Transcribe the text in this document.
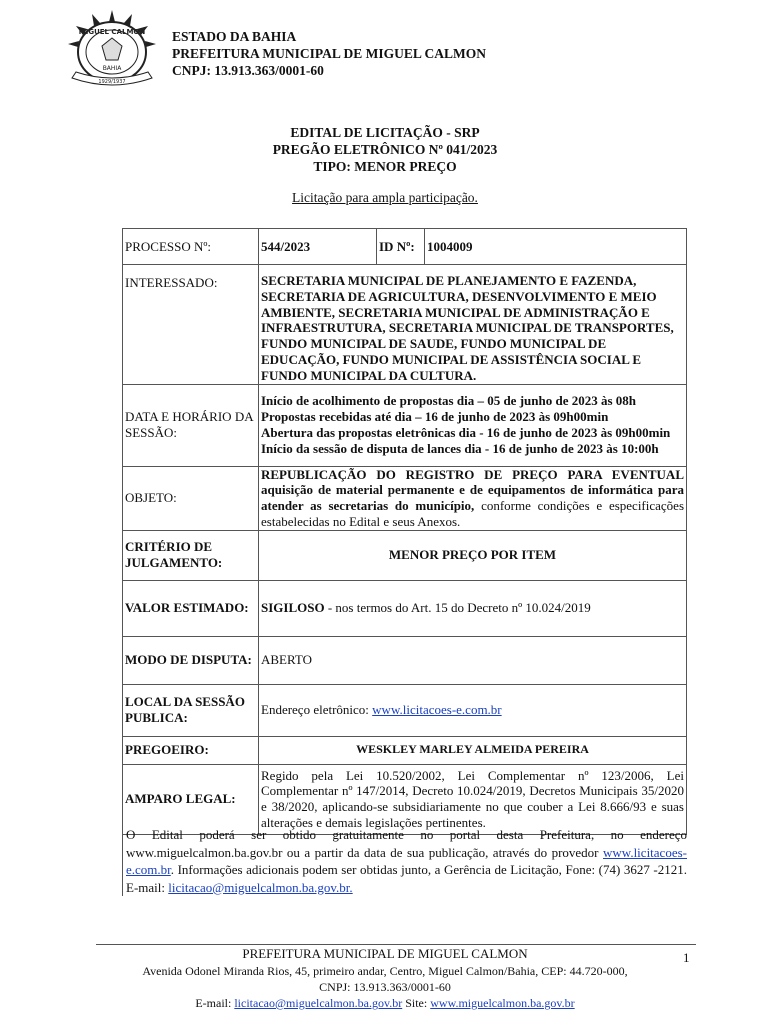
MIGUEL CALMON
BAHIA
1929/1937
ESTADO DA BAHIA
PREFEITURA MUNICIPAL DE MIGUEL CALMON
CNPJ: 13.913.363/0001-60
EDITAL DE LICITAÇÃO - SRP
PREGÃO ELETRÔNICO Nº 041/2023
TIPO: MENOR PREÇO
Licitação para ampla participação.
PROCESSO Nº:	544/2023	ID Nº:	1004009
INTERESSADO:	SECRETARIA MUNICIPAL DE PLANEJAMENTO E FAZENDA, SECRETARIA DE AGRICULTURA, DESENVOLVIMENTO E MEIO AMBIENTE, SECRETARIA MUNICIPAL DE ADMINISTRAÇÃO E INFRAESTRUTURA, SECRETARIA MUNICIPAL DE TRANSPORTES, FUNDO MUNICIPAL DE SAUDE, FUNDO MUNICIPAL DE EDUCAÇÃO, FUNDO MUNICIPAL DE ASSISTÊNCIA SOCIAL E FUNDO MUNICIPAL DA CULTURA.		
DATA E HORÁRIO DA SESSÃO:	Início de acolhimento de propostas dia – 05 de junho de 2023 às 08h
Propostas recebidas até dia – 16 de junho de 2023 às 09h00min
Abertura das propostas eletrônicas dia - 16 de junho de 2023 às 09h00min
Início da sessão de disputa de lances dia - 16 de junho de 2023 às 10:00h		

OBJETO:	REPUBLICAÇÃO DO REGISTRO DE PREÇO PARA EVENTUAL aquisição de material permanente e de equipamentos de informática para atender as secretarias do município, conforme condições e especificações estabelecidas no Edital e seus Anexos.		
CRITÉRIO DE JULGAMENTO:	MENOR PREÇO POR ITEM		
VALOR ESTIMADO:	SIGILOSO - nos termos do Art. 15 do Decreto nº 10.024/2019		
MODO DE DISPUTA:	ABERTO		
LOCAL DA SESSÃO PUBLICA:	Endereço eletrônico: www.licitacoes-e.com.br		
PREGOEIRO:	WESKLEY MARLEY ALMEIDA PEREIRA		
AMPARO LEGAL:	Regido pela Lei 10.520/2002, Lei Complementar nº 123/2006, Lei Complementar nº 147/2014, Decreto 10.024/2019, Decretos Municipais 35/2020 e 38/2020, aplicando-se subsidiariamente no que couber a Lei 8.666/93 e suas alterações e demais legislações pertinentes.		
O Edital poderá ser obtido gratuitamente no portal desta Prefeitura, no endereço www.miguelcalmon.ba.gov.br ou a partir da data de sua publicação, através do provedor www.licitacoes-e.com.br. Informações adicionais podem ser obtidas junto, a Gerência de Licitação, Fone: (74) 3627 -2121. E-mail: licitacao@miguelcalmon.ba.gov.br.
PREFEITURA MUNICIPAL DE MIGUEL CALMON	1
Avenida Odonel Miranda Rios, 45, primeiro andar, Centro, Miguel Calmon/Bahia, CEP: 44.720-000,
CNPJ: 13.913.363/0001-60
E-mail: licitacao@miguelcalmon.ba.gov.br Site: www.miguelcalmon.ba.gov.br
